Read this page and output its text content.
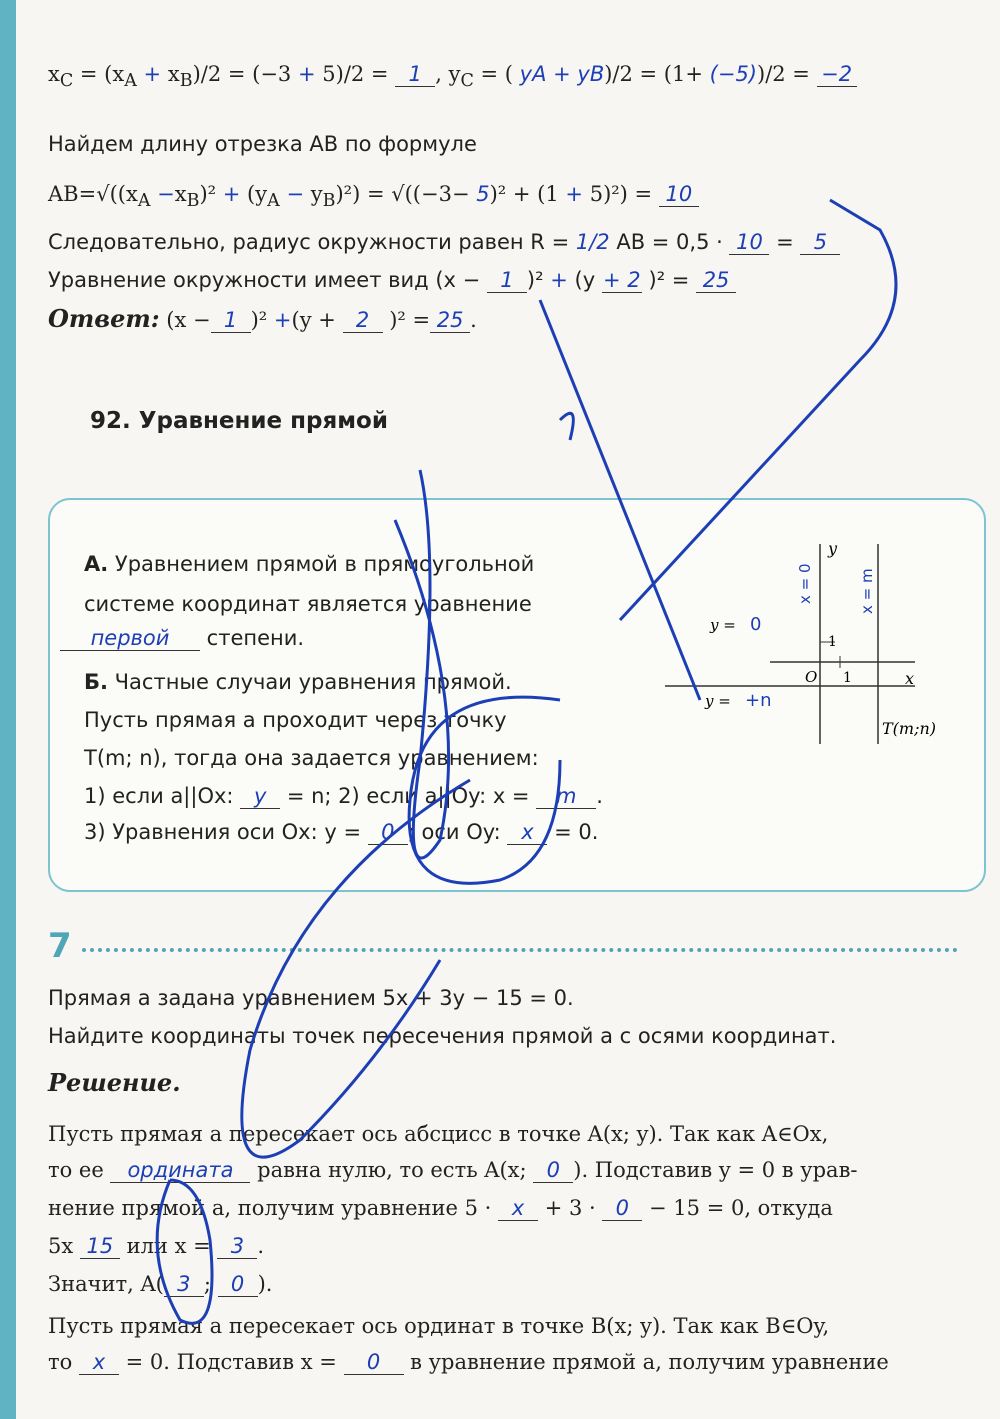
$x_C = (x_A + x_B)/2 = (-3 + 5)/2 = 1$ , $y_C$ = ( yA + yB)/2 = (1+ (−5))/2 = −2
Найдем длину отрезка АВ по формуле
$AB=√((x_A -x_B)^2 + (y_A - y_B)^2) = √((-3- 5)^2 + (1 + 5)^2) = 10$
Следовательно, радиус окружности равен R = 1/2 AB = 0,5 · 10 = 5
Уравнение окружности имеет вид (x − 1 )² + (y + 2 )² = 25
Ответ: (x − 1 )² +(y + 2 )² = 25 .
92. Уравнение прямой
А. Уравнением прямой в прямоугольной
системе координат является уравнение
первой степени.
Б. Частные случаи уравнения прямой.
Пусть прямая a проходит через точку
T(m; n), тогда она задается уравнением:
1) если a||Ox: y = n; 2) если a||Oy: x = m .
3) Уравнения оси Ox: y = 0 ; оси Oy: x = 0.
y
x
O 1
1
T(m;n)
y = 0
y = +n
x = 0	x = m
7
Прямая a задана уравнением 5x + 3y − 15 = 0.
Найдите координаты точек пересечения прямой a с осями координат.
Решение.
Пусть прямая a пересекает ось абсцисс в точке A(x; y). Так как A∈Ox,
то ее ордината равна нулю, то есть A(x; 0 ). Подставив y = 0 в урав-
нение прямой a, получим уравнение 5 · x + 3 · 0 − 15 = 0, откуда
5x 15 или x = 3 .
Значит, A( 3 ; 0 ).
Пусть прямая a пересекает ось ординат в точке B(x; y). Так как B∈Oy,
то x = 0. Подставив x = 0 в уравнение прямой a, получим уравнение
